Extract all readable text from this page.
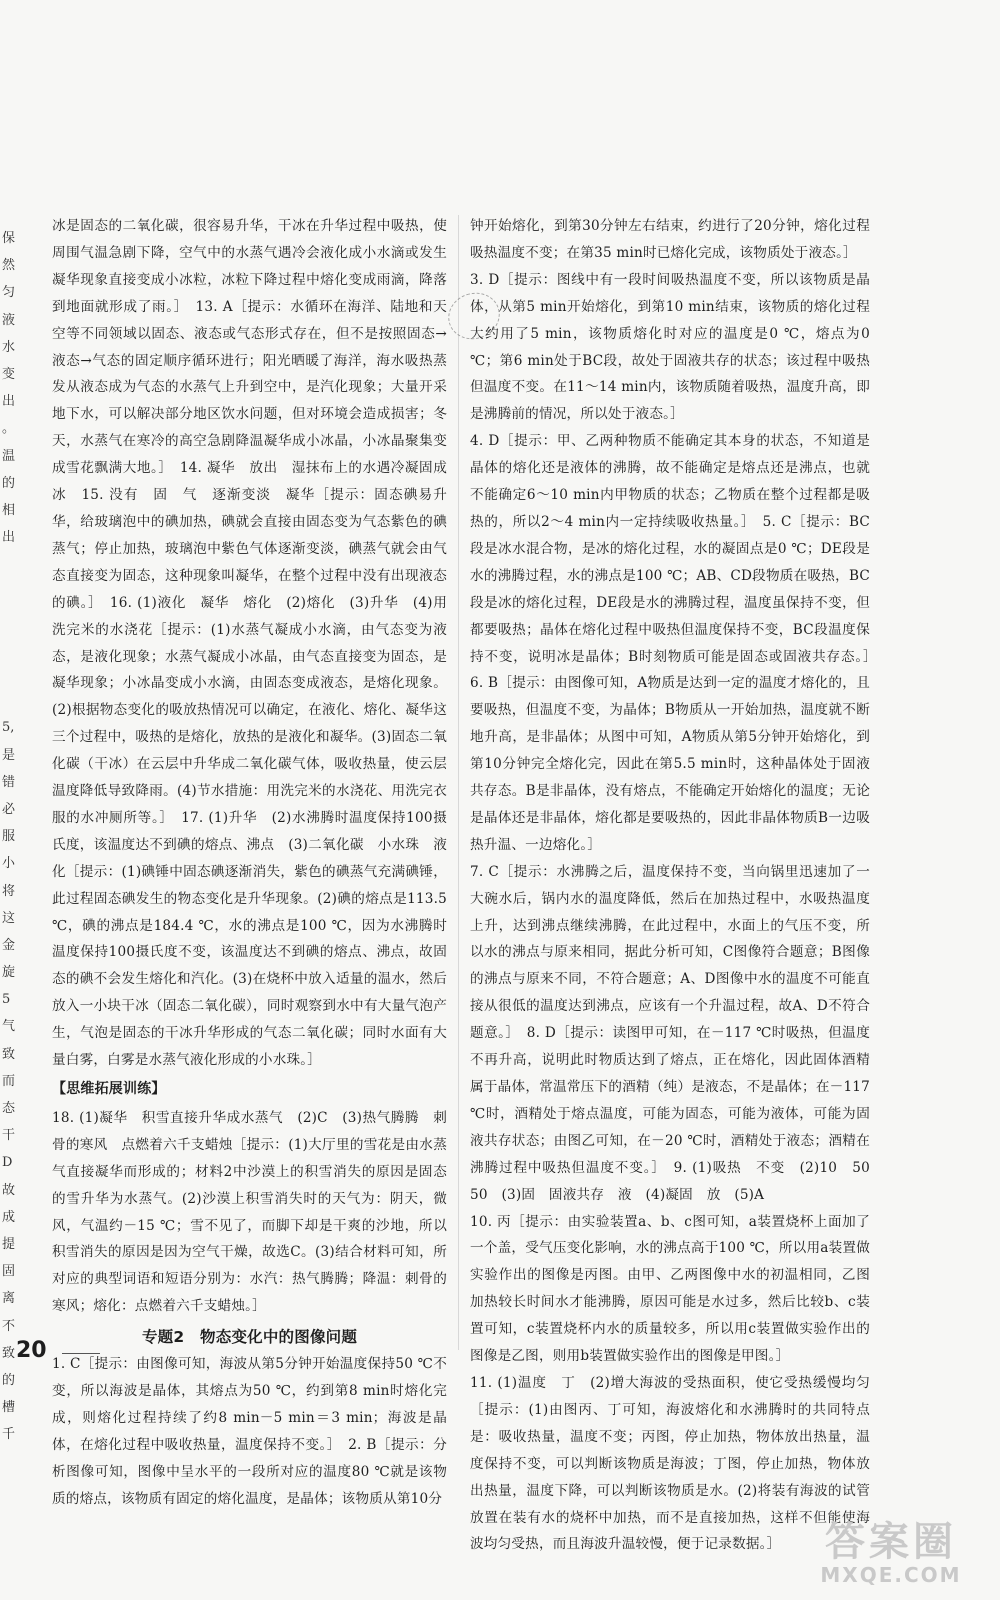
保
然
匀
液
水
变
出
。
温
的
相
出
5,
是
错
必
服
小
将
这
金
旋
5
气
致
而
态
干
D
故
成
提
固
离
不
致
的
槽
千

冰是固态的二氧化碳，很容易升华，干冰在升华过程中吸热，使周围气温急剧下降，空气中的水蒸气遇冷会液化成小水滴或发生凝华现象直接变成小冰粒，冰粒下降过程中熔化变成雨滴，降落到地面就形成了雨。］　13. A［提示：水循环在海洋、陆地和天空等不同领域以固态、液态或气态形式存在，但不是按照固态→液态→气态的固定顺序循环进行；阳光晒暖了海洋，海水吸热蒸发从液态成为气态的水蒸气上升到空中，是汽化现象；大量开采地下水，可以解决部分地区饮水问题，但对环境会造成损害；冬天，水蒸气在寒冷的高空急剧降温凝华成小冰晶，小冰晶聚集变成雪花飘满大地。］　14. 凝华　放出　湿抹布上的水遇冷凝固成冰　15. 没有　固　气　逐渐变淡　凝华［提示：固态碘易升华，给玻璃泡中的碘加热，碘就会直接由固态变为气态紫色的碘蒸气；停止加热，玻璃泡中紫色气体逐渐变淡，碘蒸气就会由气态直接变为固态，这种现象叫凝华，在整个过程中没有出现液态的碘。］　16. (1)液化　凝华　熔化　(2)熔化　(3)升华　(4)用洗完米的水浇花［提示：(1)水蒸气凝成小水滴，由气态变为液态，是液化现象；水蒸气凝成小冰晶，由气态直接变为固态，是凝华现象；小冰晶变成小水滴，由固态变成液态，是熔化现象。(2)根据物态变化的吸放热情况可以确定，在液化、熔化、凝华这三个过程中，吸热的是熔化，放热的是液化和凝华。(3)固态二氧化碳（干冰）在云层中升华成二氧化碳气体，吸收热量，使云层温度降低导致降雨。(4)节水措施：用洗完米的水浇花、用洗完衣服的水冲厕所等。］　17. (1)升华　(2)水沸腾时温度保持100摄氏度，该温度达不到碘的熔点、沸点　(3)二氧化碳　小水珠　液化［提示：(1)碘锤中固态碘逐渐消失，紫色的碘蒸气充满碘锤，此过程固态碘发生的物态变化是升华现象。(2)碘的熔点是113.5 ℃，碘的沸点是184.4 ℃，水的沸点是100 ℃，因为水沸腾时温度保持100摄氏度不变，该温度达不到碘的熔点、沸点，故固态的碘不会发生熔化和汽化。(3)在烧杯中放入适量的温水，然后放入一小块干冰（固态二氧化碳），同时观察到水中有大量气泡产生，气泡是固态的干冰升华形成的气态二氧化碳；同时水面有大量白雾，白雾是水蒸气液化形成的小水珠。］

【思维拓展训练】

18. (1)凝华　积雪直接升华成水蒸气　(2)C　(3)热气腾腾　刺骨的寒风　点燃着六千支蜡烛［提示：(1)大厅里的雪花是由水蒸气直接凝华而形成的；材料2中沙漠上的积雪消失的原因是固态的雪升华为水蒸气。(2)沙漠上积雪消失时的天气为：阴天，微风，气温约－15 ℃；雪不见了，而脚下却是干爽的沙地，所以积雪消失的原因是因为空气干燥，故选C。(3)结合材料可知，所对应的典型词语和短语分别为：水汽：热气腾腾；降温：刺骨的寒风；熔化：点燃着六千支蜡烛。］

专题2　物态变化中的图像问题

1. C［提示：由图像可知，海波从第5分钟开始温度保持50 ℃不变，所以海波是晶体，其熔点为50 ℃，约到第8 min时熔化完成，则熔化过程持续了约8 min－5 min＝3 min；海波是晶体，在熔化过程中吸收热量，温度保持不变。］　2. B［提示：分析图像可知，图像中呈水平的一段所对应的温度80 ℃就是该物质的熔点，该物质有固定的熔化温度，是晶体；该物质从第10分

钟开始熔化，到第30分钟左右结束，约进行了20分钟，熔化过程吸热温度不变；在第35 min时已熔化完成，该物质处于液态。］

3. D［提示：图线中有一段时间吸热温度不变，所以该物质是晶体，从第5 min开始熔化，到第10 min结束，该物质的熔化过程大约用了5 min，该物质熔化时对应的温度是0 ℃，熔点为0 ℃；第6 min处于BC段，故处于固液共存的状态；该过程中吸热但温度不变。在11～14 min内，该物质随着吸热，温度升高，即是沸腾前的情况，所以处于液态。］

4. D［提示：甲、乙两种物质不能确定其本身的状态，不知道是晶体的熔化还是液体的沸腾，故不能确定是熔点还是沸点，也就不能确定6～10 min内甲物质的状态；乙物质在整个过程都是吸热的，所以2～4 min内一定持续吸收热量。］　5. C［提示：BC段是冰水混合物，是冰的熔化过程，水的凝固点是0 ℃；DE段是水的沸腾过程，水的沸点是100 ℃；AB、CD段物质在吸热，BC段是冰的熔化过程，DE段是水的沸腾过程，温度虽保持不变，但都要吸热；晶体在熔化过程中吸热但温度保持不变，BC段温度保持不变，说明冰是晶体；B时刻物质可能是固态或固液共存态。］　6. B［提示：由图像可知，A物质是达到一定的温度才熔化的，且要吸热，但温度不变，为晶体；B物质从一开始加热，温度就不断地升高，是非晶体；从图中可知，A物质从第5分钟开始熔化，到第10分钟完全熔化完，因此在第5.5 min时，这种晶体处于固液共存态。B是非晶体，没有熔点，不能确定开始熔化的温度；无论是晶体还是非晶体，熔化都是要吸热的，因此非晶体物质B一边吸热升温、一边熔化。］

7. C［提示：水沸腾之后，温度保持不变，当向锅里迅速加了一大碗水后，锅内水的温度降低，然后在加热过程中，水吸热温度上升，达到沸点继续沸腾，在此过程中，水面上的气压不变，所以水的沸点与原来相同，据此分析可知，C图像符合题意；B图像的沸点与原来不同，不符合题意；A、D图像中水的温度不可能直接从很低的温度达到沸点，应该有一个升温过程，故A、D不符合题意。］　8. D［提示：读图甲可知，在－117 ℃时吸热，但温度不再升高，说明此时物质达到了熔点，正在熔化，因此固体酒精属于晶体，常温常压下的酒精（纯）是液态，不是晶体；在－117 ℃时，酒精处于熔点温度，可能为固态，可能为液体，可能为固液共存状态；由图乙可知，在－20 ℃时，酒精处于液态；酒精在沸腾过程中吸热但温度不变。］　9. (1)吸热　不变　(2)10　50　50　(3)固　固液共存　液　(4)凝固　放　(5)A

10. 丙［提示：由实验装置a、b、c图可知，a装置烧杯上面加了一个盖，受气压变化影响，水的沸点高于100 ℃，所以用a装置做实验作出的图像是丙图。由甲、乙两图像中水的初温相同，乙图加热较长时间水才能沸腾，原因可能是水过多，然后比较b、c装置可知，c装置烧杯内水的质量较多，所以用c装置做实验作出的图像是乙图，则用b装置做实验作出的图像是甲图。］

11. (1)温度　丁　(2)增大海波的受热面积，使它受热缓慢均匀［提示：(1)由图丙、丁可知，海波熔化和水沸腾时的共同特点是：吸收热量，温度不变；丙图，停止加热，物体放出热量，温度保持不变，可以判断该物质是海波；丁图，停止加热，物体放出热量，温度下降，可以判断该物质是水。(2)将装有海波的试管放置在装有水的烧杯中加热，而不是直接加热，这样不但能使海波均匀受热，而且海波升温较慢，便于记录数据。］

20
答案圈
MXQE.COM
